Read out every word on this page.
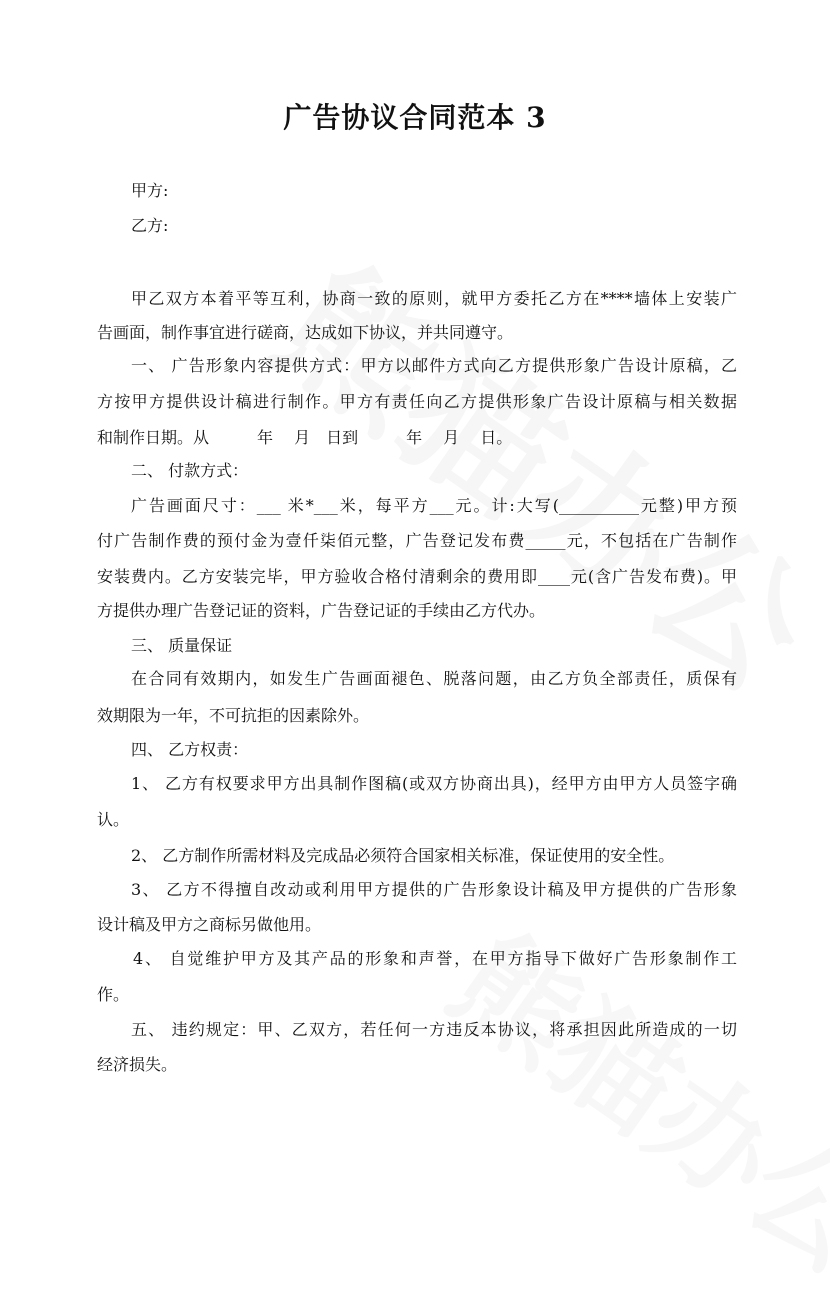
广告协议合同范本 3
甲方:
乙方:
甲乙双方本着平等互利，协商一致的原则，就甲方委托乙方在****墙体上安装广
告画面，制作事宜进行磋商，达成如下协议，并共同遵守。
一、 广告形象内容提供方式：甲方以邮件方式向乙方提供形象广告设计原稿，乙
方按甲方提供设计稿进行制作。甲方有责任向乙方提供形象广告设计原稿与相关数据
和制作日期。从　　　年　 月　日到　　　年　 月　 日。
二、 付款方式：
广告画面尺寸：___ 米*___米，每平方___元。计:大写(__________元整)甲方预
付广告制作费的预付金为壹仟柒佰元整，广告登记发布费_____元，不包括在广告制作
安装费内。乙方安装完毕，甲方验收合格付清剩余的费用即____元(含广告发布费)。甲
方提供办理广告登记证的资料，广告登记证的手续由乙方代办。
三、 质量保证
在合同有效期内，如发生广告画面褪色、脱落问题，由乙方负全部责任，质保有
效期限为一年，不可抗拒的因素除外。
四、 乙方权责：
1、 乙方有权要求甲方出具制作图稿(或双方协商出具)，经甲方由甲方人员签字确
认。
2、 乙方制作所需材料及完成品必须符合国家相关标准，保证使用的安全性。
3、 乙方不得擅自改动或利用甲方提供的广告形象设计稿及甲方提供的广告形象
设计稿及甲方之商标另做他用。
4、 自觉维护甲方及其产品的形象和声誉，在甲方指导下做好广告形象制作工
作。
五、 违约规定：甲、乙双方，若任何一方违反本协议，将承担因此所造成的一切
经济损失。
